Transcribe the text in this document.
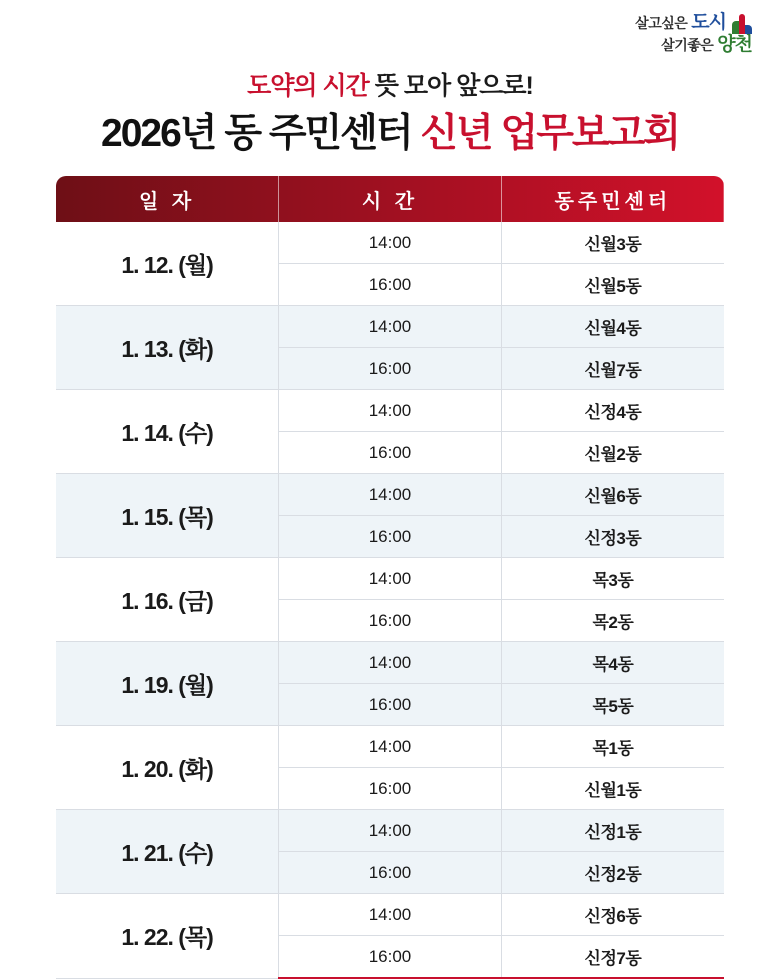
살고싶은 도시
살기좋은 양천
도약의 시간 뜻 모아 앞으로!
2026년 동 주민센터 신년 업무보고회
일 자	시 간	동주민센터
1. 12. (월)	14:00	신월3동
	16:00	신월5동
1. 13. (화)	14:00	신월4동
	16:00	신월7동
1. 14. (수)	14:00	신정4동
	16:00	신월2동
1. 15. (목)	14:00	신월6동
	16:00	신정3동
1. 16. (금)	14:00	목3동
	16:00	목2동
1. 19. (월)	14:00	목4동
	16:00	목5동
1. 20. (화)	14:00	목1동
	16:00	신월1동
1. 21. (수)	14:00	신정1동
	16:00	신정2동
1. 22. (목)	14:00	신정6동
	16:00	신정7동
